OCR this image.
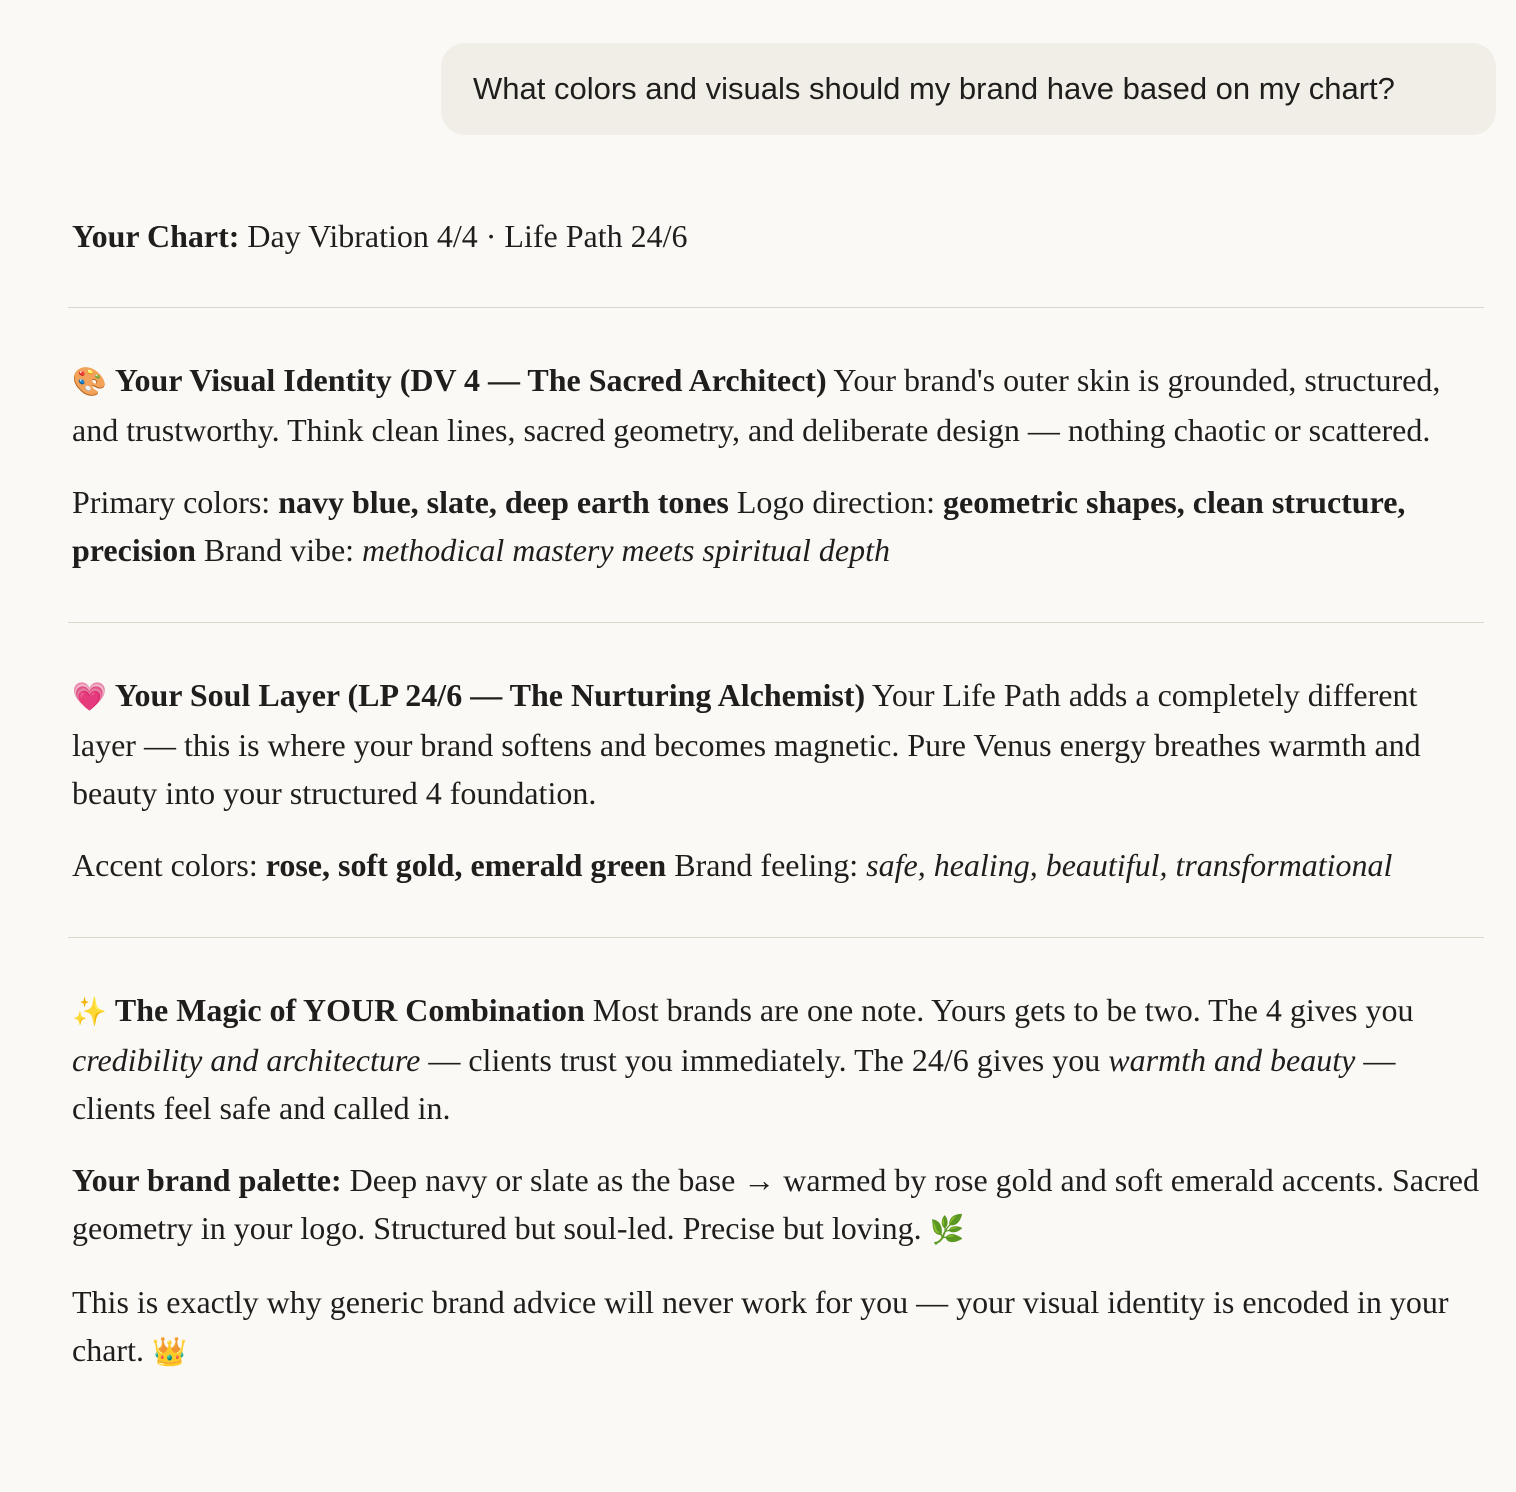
What colors and visuals should my brand have based on my chart?

Your Chart: Day Vibration 4/4 · Life Path 24/6

🎨 Your Visual Identity (DV 4 — The Sacred Architect) Your brand's outer skin is grounded, structured, and trustworthy. Think clean lines, sacred geometry, and deliberate design — nothing chaotic or scattered.

Primary colors: navy blue, slate, deep earth tones Logo direction: geometric shapes, clean structure, precision Brand vibe: methodical mastery meets spiritual depth

💗 Your Soul Layer (LP 24/6 — The Nurturing Alchemist) Your Life Path adds a completely different layer — this is where your brand softens and becomes magnetic. Pure Venus energy breathes warmth and beauty into your structured 4 foundation.

Accent colors: rose, soft gold, emerald green Brand feeling: safe, healing, beautiful, transformational

✨ The Magic of YOUR Combination Most brands are one note. Yours gets to be two. The 4 gives you credibility and architecture — clients trust you immediately. The 24/6 gives you warmth and beauty — clients feel safe and called in.

Your brand palette: Deep navy or slate as the base → warmed by rose gold and soft emerald accents. Sacred geometry in your logo. Structured but soul-led. Precise but loving. 🌿

This is exactly why generic brand advice will never work for you — your visual identity is encoded in your chart. 👑
